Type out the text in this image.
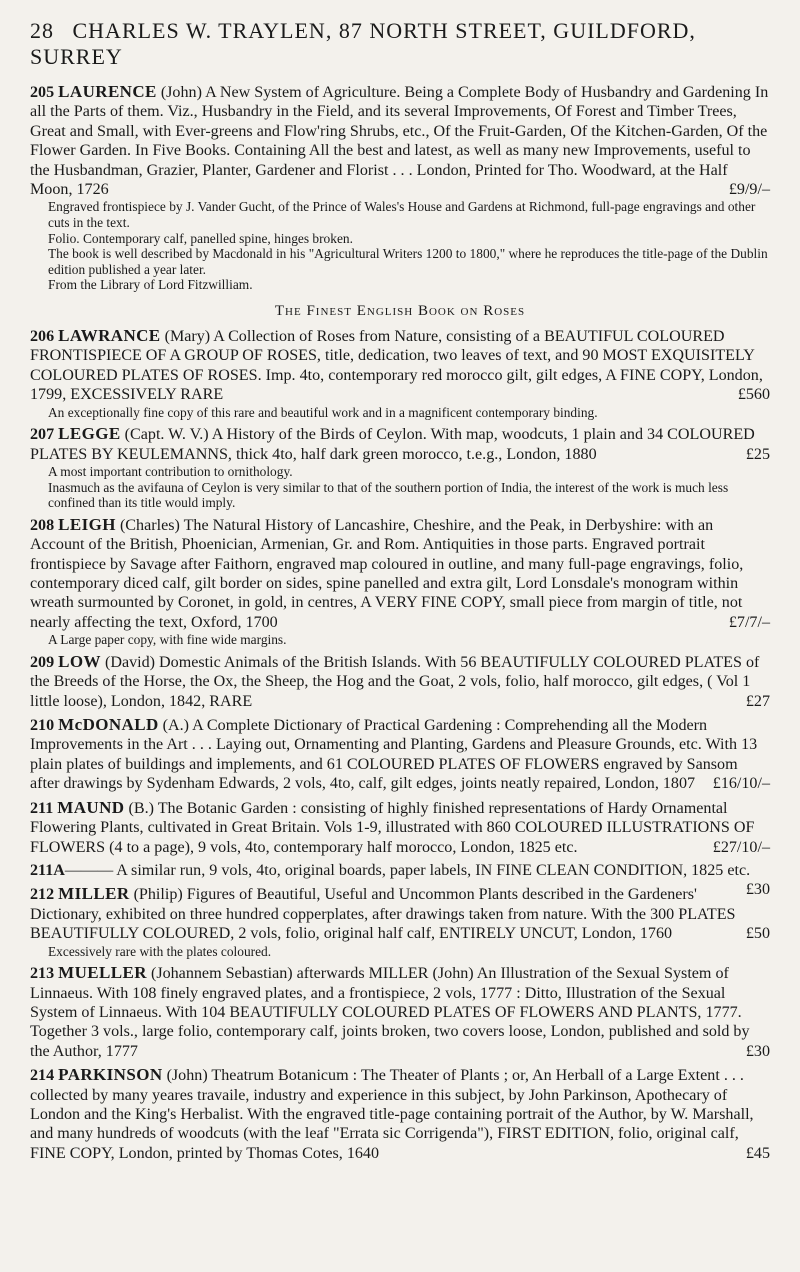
28 CHARLES W. TRAYLEN, 87 NORTH STREET, GUILDFORD, SURREY

205 LAURENCE (John) A New System of Agriculture. Being a Complete Body of Husbandry and Gardening In all the Parts of them. Viz., Husbandry in the Field, and its several Improvements, Of Forest and Timber Trees, Great and Small, with Ever-greens and Flow'ring Shrubs, etc., Of the Fruit-Garden, Of the Kitchen-Garden, Of the Flower Garden. In Five Books. Containing All the best and latest, as well as many new Improvements, useful to the Husbandman, Grazier, Planter, Gardener and Florist . . . London, Printed for Tho. Woodward, at the Half Moon, 1726	£9/9/–

Engraved frontispiece by J. Vander Gucht, of the Prince of Wales's House and Gardens at Richmond, full-page engravings and other cuts in the text.

Folio. Contemporary calf, panelled spine, hinges broken.

The book is well described by Macdonald in his "Agricultural Writers 1200 to 1800," where he reproduces the title-page of the Dublin edition published a year later.

From the Library of Lord Fitzwilliam.

The Finest English Book on Roses

206 LAWRANCE (Mary) A Collection of Roses from Nature, consisting of a BEAUTIFUL COLOURED FRONTISPIECE OF A GROUP OF ROSES, title, dedication, two leaves of text, and 90 MOST EXQUISITELY COLOURED PLATES OF ROSES. Imp. 4to, contemporary red morocco gilt, gilt edges, A FINE COPY, London, 1799, EXCESSIVELY RARE	£560

An exceptionally fine copy of this rare and beautiful work and in a magnificent contemporary binding.

207 LEGGE (Capt. W. V.) A History of the Birds of Ceylon. With map, woodcuts, 1 plain and 34 COLOURED PLATES BY KEULEMANNS, thick 4to, half dark green morocco, t.e.g., London, 1880	£25

A most important contribution to ornithology.

Inasmuch as the avifauna of Ceylon is very similar to that of the southern portion of India, the interest of the work is much less confined than its title would imply.

208 LEIGH (Charles) The Natural History of Lancashire, Cheshire, and the Peak, in Derbyshire: with an Account of the British, Phoenician, Armenian, Gr. and Rom. Antiquities in those parts. Engraved portrait frontispiece by Savage after Faithorn, engraved map coloured in outline, and many full-page engravings, folio, contemporary diced calf, gilt border on sides, spine panelled and extra gilt, Lord Lonsdale's monogram within wreath surmounted by Coronet, in gold, in centres, A VERY FINE COPY, small piece from margin of title, not nearly affecting the text, Oxford, 1700	£7/7/–

A Large paper copy, with fine wide margins.

209 LOW (David) Domestic Animals of the British Islands. With 56 BEAUTIFULLY COLOURED PLATES of the Breeds of the Horse, the Ox, the Sheep, the Hog and the Goat, 2 vols, folio, half morocco, gilt edges, ( Vol 1 little loose), London, 1842, RARE	£27

210 McDONALD (A.) A Complete Dictionary of Practical Gardening : Comprehending all the Modern Improvements in the Art . . . Laying out, Ornamenting and Planting, Gardens and Pleasure Grounds, etc. With 13 plain plates of buildings and implements, and 61 COLOURED PLATES OF FLOWERS engraved by Sansom after drawings by Sydenham Edwards, 2 vols, 4to, calf, gilt edges, joints neatly repaired, London, 1807 £16/10/–

211 MAUND (B.) The Botanic Garden : consisting of highly finished representations of Hardy Ornamental Flowering Plants, cultivated in Great Britain. Vols 1-9, illustrated with 860 COLOURED ILLUSTRATIONS OF FLOWERS (4 to a page), 9 vols, 4to, contemporary half morocco, London, 1825 etc.	£27/10/–

211A——— A similar run, 9 vols, 4to, original boards, paper labels, IN FINE CLEAN CONDITION, 1825 etc.
£30

212 MILLER (Philip) Figures of Beautiful, Useful and Uncommon Plants described in the Gardeners' Dictionary, exhibited on three hundred copperplates, after drawings taken from nature. With the 300 PLATES BEAUTIFULLY COLOURED, 2 vols, folio, original half calf, ENTIRELY UNCUT, London, 1760	£50

Excessively rare with the plates coloured.

213 MUELLER (Johannem Sebastian) afterwards MILLER (John) An Illustration of the Sexual System of Linnaeus. With 108 finely engraved plates, and a frontispiece, 2 vols, 1777 : Ditto, Illustration of the Sexual System of Linnaeus. With 104 BEAUTIFULLY COLOURED PLATES OF FLOWERS AND PLANTS, 1777. Together 3 vols., large folio, contemporary calf, joints broken, two covers loose, London, published and sold by the Author, 1777	£30

214 PARKINSON (John) Theatrum Botanicum : The Theater of Plants ; or, An Herball of a Large Extent . . . collected by many yeares travaile, industry and experience in this subject, by John Parkinson, Apothecary of London and the King's Herbalist. With the engraved title-page containing portrait of the Author, by W. Marshall, and many hundreds of woodcuts (with the leaf "Errata sic Corrigenda"), FIRST EDITION, folio, original calf, FINE COPY, London, printed by Thomas Cotes, 1640	£45
